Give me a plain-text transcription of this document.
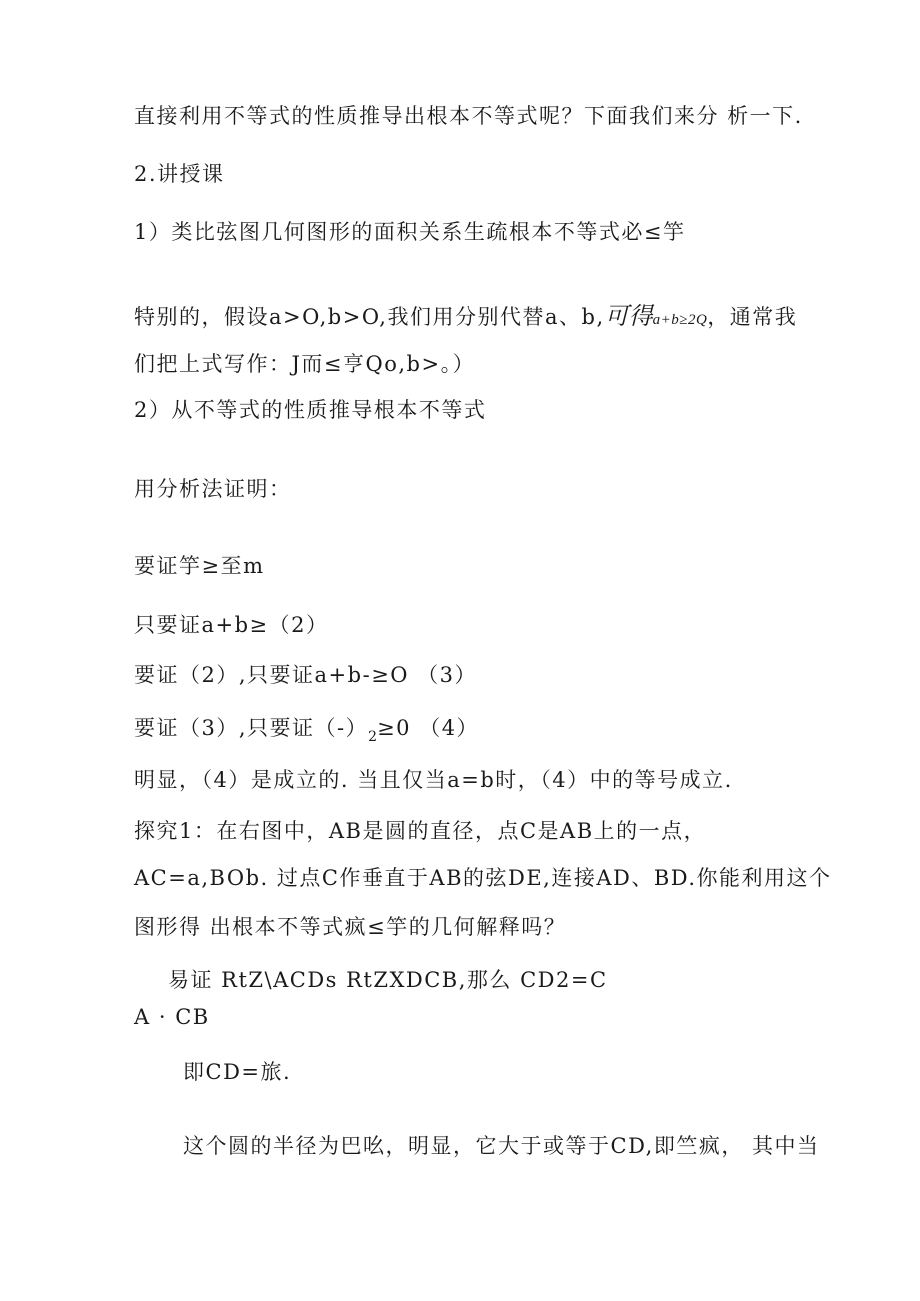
直接利用不等式的性质推导出根本不等式呢？下面我们来分 析一下.
2.讲授课
1）类比弦图几何图形的面积关系生疏根本不等式必≤竽
特别的，假设a>O,b>O,我们用分别代替a、b,可得a+b≥2Q，通常我
们把上式写作：J而≤亨Qo,b>。）
2）从不等式的性质推导根本不等式
用分析法证明：
要证竽≥至m
只要证a+b≥（2）
要证（2）,只要证a+b-≥O （3）
要证（3）,只要证$(-)_2\ge 0$ （4）
明显，（4）是成立的. 当且仅当a=b时，（4）中的等号成立.
探究1：在右图中，AB是圆的直径，点C是AB上的一点，
AC=a,BOb. 过点C作垂直于AB的弦DE,连接AD、BD.你能利用这个
图形得 出根本不等式疯≤竽的几何解释吗？
易证 RtZ\ACDs RtZXDCB,那么 CD2=C
A · CB
即CD=旅.
这个圆的半径为巴吆，明显，它大于或等于CD,即竺疯， 其中当
